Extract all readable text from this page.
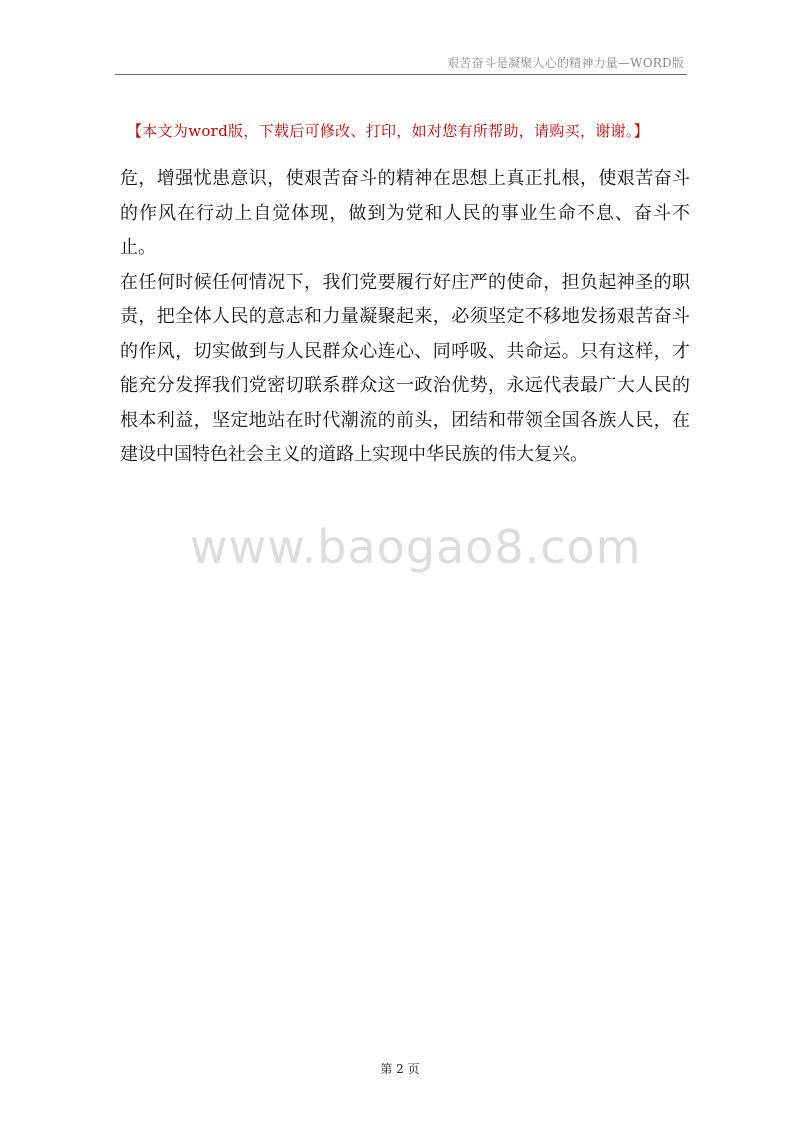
艰苦奋斗是凝聚人心的精神力量—WORD版
【本文为word版，下载后可修改、打印，如对您有所帮助，请购买，谢谢。】

危，增强忧患意识，使艰苦奋斗的精神在思想上真正扎根，使艰苦奋斗的作风在行动上自觉体现，做到为党和人民的事业生命不息、奋斗不止。

在任何时候任何情况下，我们党要履行好庄严的使命，担负起神圣的职责，把全体人民的意志和力量凝聚起来，必须坚定不移地发扬艰苦奋斗的作风，切实做到与人民群众心连心、同呼吸、共命运。只有这样，才能充分发挥我们党密切联系群众这一政治优势，永远代表最广大人民的根本利益，坚定地站在时代潮流的前头，团结和带领全国各族人民，在建设中国特色社会主义的道路上实现中华民族的伟大复兴。

www.baogao8.com
第 2 页
